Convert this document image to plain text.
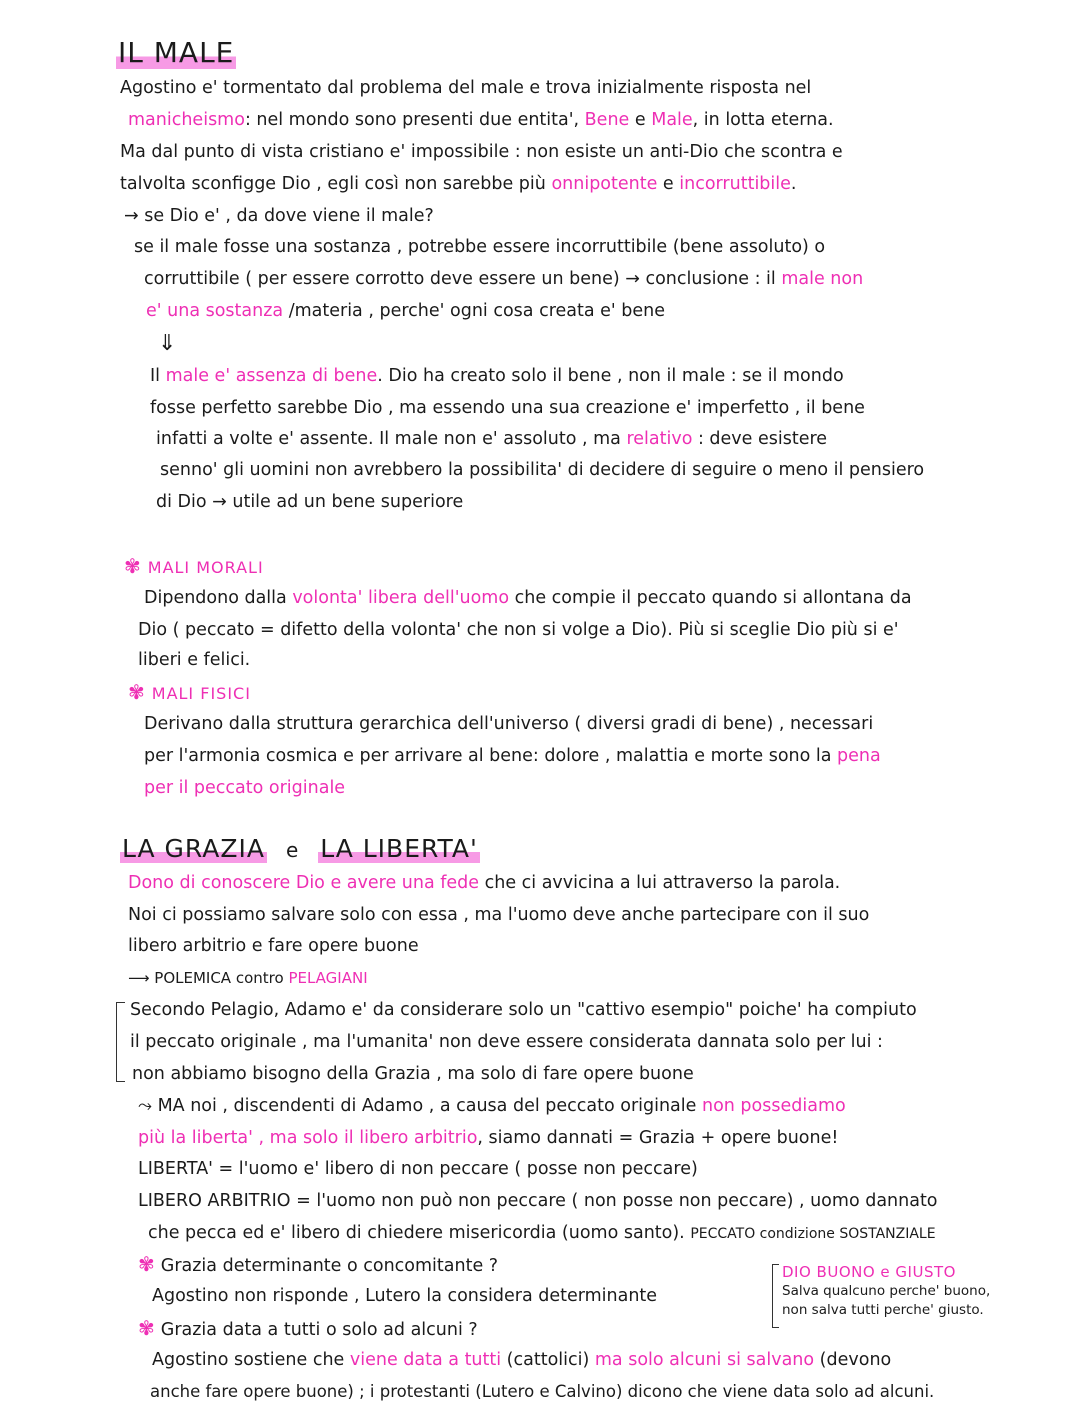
IL MALE
Agostino e' tormentato dal problema del male e trova inizialmente risposta nel
manicheismo: nel mondo sono presenti due entita', Bene e Male, in lotta eterna.
Ma dal punto di vista cristiano e' impossibile : non esiste un anti-Dio che scontra e
talvolta sconfigge Dio , egli così non sarebbe più onnipotente e incorruttibile.
→ se Dio e' , da dove viene il male?
se il male fosse una sostanza , potrebbe essere incorruttibile (bene assoluto) o
corruttibile ( per essere corrotto deve essere un bene) → conclusione : il male non
e' una sostanza /materia , perche' ogni cosa creata e' bene
⇓
Il male e' assenza di bene. Dio ha creato solo il bene , non il male : se il mondo
fosse perfetto sarebbe Dio , ma essendo una sua creazione e' imperfetto , il bene
infatti a volte e' assente. Il male non e' assoluto , ma relativo : deve esistere
senno' gli uomini non avrebbero la possibilita' di decidere di seguire o meno il pensiero
di Dio → utile ad un bene superiore
✾ MALI MORALI
Dipendono dalla volonta' libera dell'uomo che compie il peccato quando si allontana da
Dio ( peccato = difetto della volonta' che non si volge a Dio). Più si sceglie Dio più si e'
liberi e felici.
✾ MALI FISICI
Derivano dalla struttura gerarchica dell'universo ( diversi gradi di bene) , necessari
per l'armonia cosmica e per arrivare al bene: dolore , malattia e morte sono la pena
per il peccato originale
LA GRAZIA e LA LIBERTA'
Dono di conoscere Dio e avere una fede che ci avvicina a lui attraverso la parola.
Noi ci possiamo salvare solo con essa , ma l'uomo deve anche partecipare con il suo
libero arbitrio e fare opere buone
⟶ POLEMICA contro PELAGIANI
Secondo Pelagio, Adamo e' da considerare solo un "cattivo esempio" poiche' ha compiuto
il peccato originale , ma l'umanita' non deve essere considerata dannata solo per lui :
non abbiamo bisogno della Grazia , ma solo di fare opere buone
⤳ MA noi , discendenti di Adamo , a causa del peccato originale non possediamo
più la liberta' , ma solo il libero arbitrio, siamo dannati = Grazia + opere buone!
LIBERTA' = l'uomo e' libero di non peccare ( posse non peccare)
LIBERO ARBITRIO = l'uomo non può non peccare ( non posse non peccare) , uomo dannato
che pecca ed e' libero di chiedere misericordia (uomo santo). PECCATO condizione SOSTANZIALE
✾ Grazia determinante o concomitante ?
Agostino non risponde , Lutero la considera determinante
✾ Grazia data a tutti o solo ad alcuni ?
Agostino sostiene che viene data a tutti (cattolici) ma solo alcuni si salvano (devono
anche fare opere buone) ; i protestanti (Lutero e Calvino) dicono che viene data solo ad alcuni.
DIO BUONO e GIUSTO
Salva qualcuno perche' buono,
non salva tutti perche' giusto.
